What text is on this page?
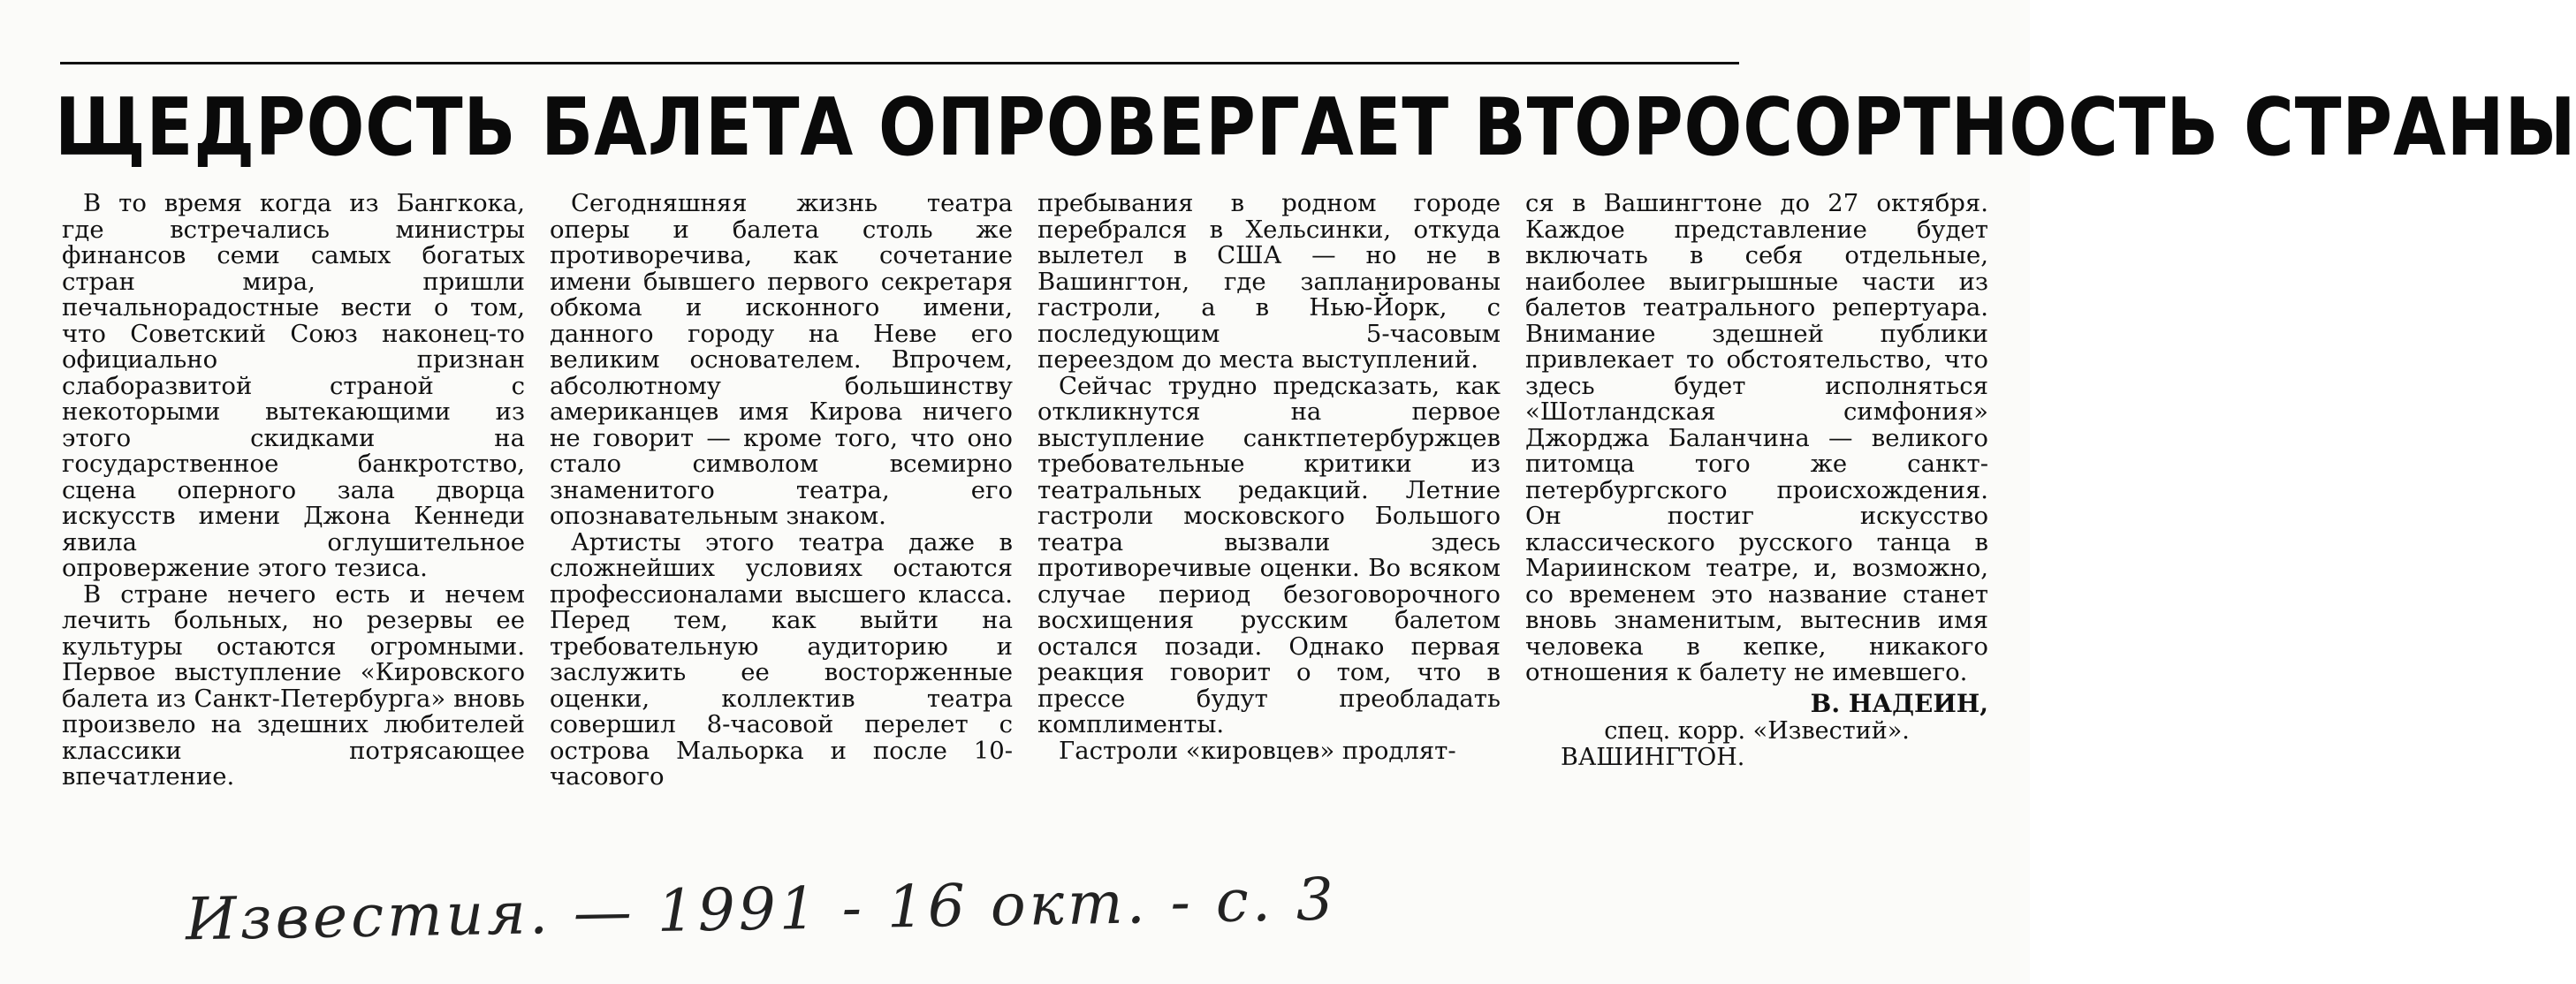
ЩЕДРОСТЬ БАЛЕТА ОПРОВЕРГАЕТ ВТОРОСОРТНОСТЬ СТРАНЫ

В то время когда из Бангкока, где встречались министры финансов семи самых богатых стран мира, пришли печальнорадостные вести о том, что Советский Союз наконец-то официально признан слаборазвитой страной с некоторыми вытекающими из этого скидками на государственное банкротство, сцена оперного зала дворца искусств имени Джона Кеннеди явила оглушительное опровержение этого тезиса.

В стране нечего есть и нечем лечить больных, но резервы ее культуры остаются огромными. Первое выступление «Кировского балета из Санкт-Петербурга» вновь произвело на здешних любителей классики потрясающее впечатление.

Сегодняшняя жизнь театра оперы и балета столь же противоречива, как сочетание имени бывшего первого секретаря обкома и исконного имени, данного городу на Неве его великим основателем. Впрочем, абсолютному большинству американцев имя Кирова ничего не говорит — кроме того, что оно стало символом всемирно знаменитого театра, его опознавательным знаком.

Артисты этого театра даже в сложнейших условиях остаются профессионалами высшего класса. Перед тем, как выйти на требовательную аудиторию и заслужить ее восторженные оценки, коллектив театра совершил 8-часовой перелет с острова Мальорка и после 10-часового

пребывания в родном городе перебрался в Хельсинки, откуда вылетел в США — но не в Вашингтон, где запланированы гастроли, а в Нью-Йорк, с последующим 5-часовым переездом до места выступлений.

Сейчас трудно предсказать, как откликнутся на первое выступление санктпетербуржцев требовательные критики из театральных редакций. Летние гастроли московского Большого театра вызвали здесь противоречивые оценки. Во всяком случае период безоговорочного восхищения русским балетом остался позади. Однако первая реакция говорит о том, что в прессе будут преобладать комплименты.

Гастроли «кировцев» продлят-

ся в Вашингтоне до 27 октября. Каждое представление будет включать в себя отдельные, наиболее выигрышные части из балетов театрального репертуара. Внимание здешней публики привлекает то обстоятельство, что здесь будет исполняться «Шотландская симфония» Джорджа Баланчина — великого питомца того же санкт-петербургского происхождения. Он постиг искусство классического русского танца в Мариинском театре, и, возможно, со временем это название станет вновь знаменитым, вытеснив имя человека в кепке, никакого отношения к балету не имевшего.

В. НАДЕИН,
спец. корр. «Известий».
ВАШИНГТОН.
Известия. — 1991 - 16 окт. - с. 3
